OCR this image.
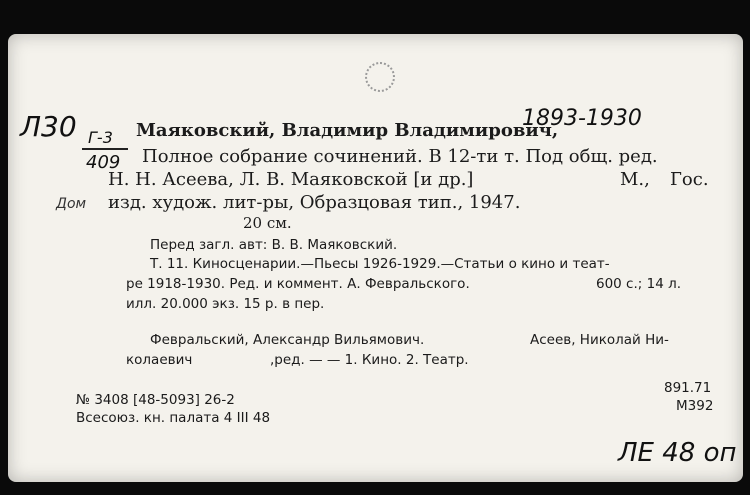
Л30 Г-3
409
Дом
Маяковский, Владимир Владимирович,
1893-1930
Полное собрание сочинений. В 12-ти т. Под общ. ред.
Н. Н. Асеева, Л. В. Маяковской [и др.]	М., Гос.
изд. худож. лит-ры, Образцовая тип., 1947.
20 см.
Перед загл. авт: В. В. Маяковский.
Т. 11. Киносценарии.—Пьесы 1926-1929.—Статьи о кино и теат-
ре 1918-1930. Ред. и коммент. А. Февральского.	600 с.; 14 л.
илл. 20.000 экз. 15 р. в пер.
Февральский, Александр Вильямович.	Асеев, Николай Ни-
колаевич	,ред. — — 1. Кино. 2. Театр.
№ 3408 [48-5093] 26-2
Всесоюз. кн. палата 4 III 48
891.71
М392
ЛЕ 48 оп
